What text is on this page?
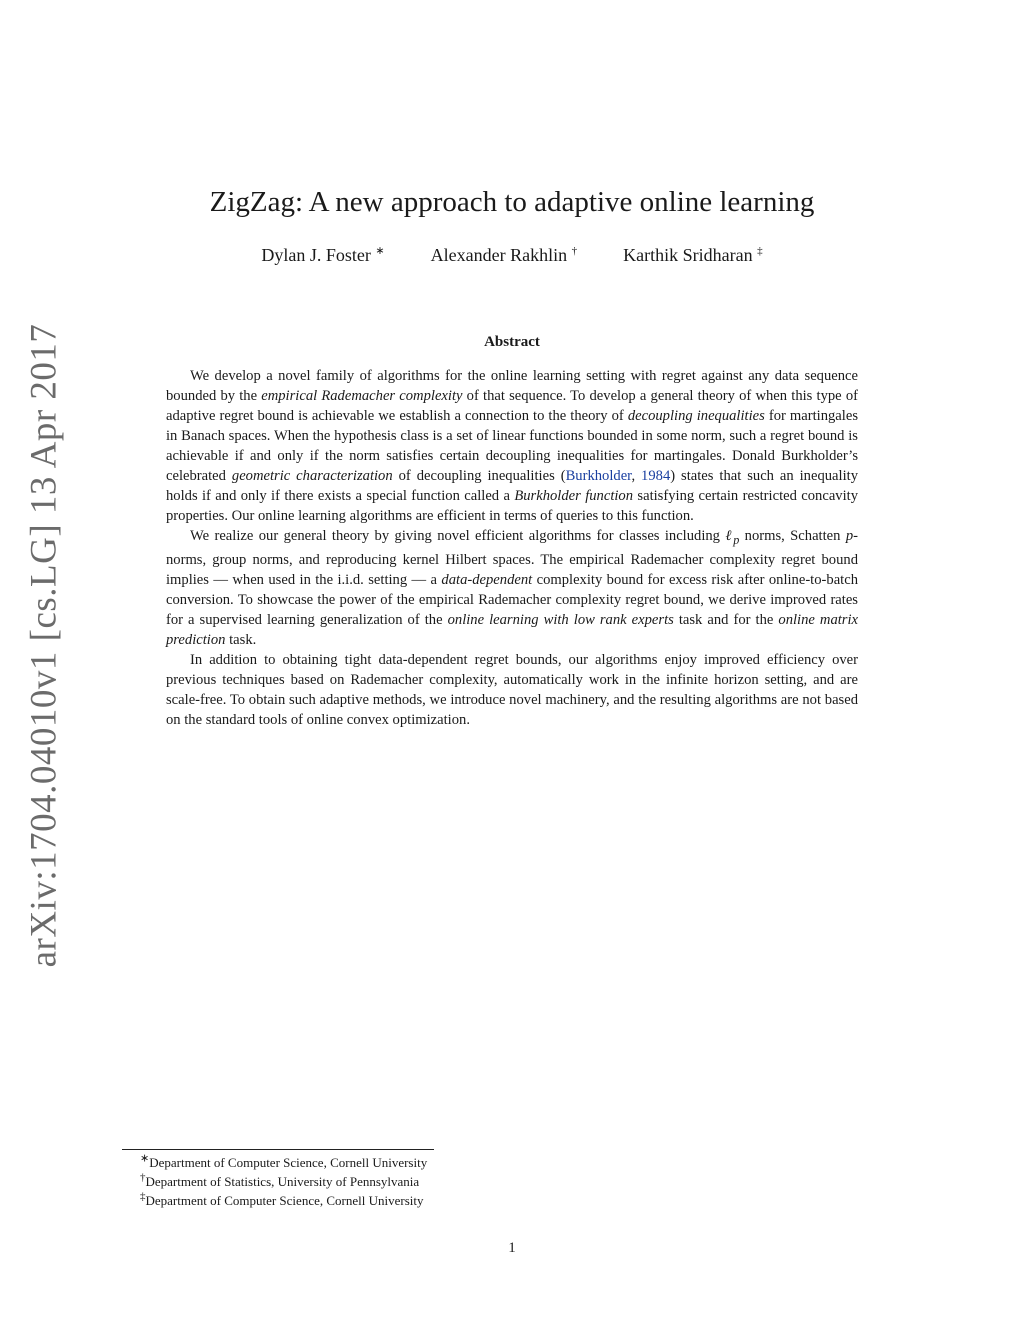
arXiv:1704.04010v1 [cs.LG] 13 Apr 2017
ZigZag: A new approach to adaptive online learning
Dylan J. Foster ∗	Alexander Rakhlin †	Karthik Sridharan ‡
Abstract

We develop a novel family of algorithms for the online learning setting with regret against any data sequence bounded by the empirical Rademacher complexity of that sequence. To develop a general theory of when this type of adaptive regret bound is achievable we establish a connection to the theory of decoupling inequalities for martingales in Banach spaces. When the hypothesis class is a set of linear functions bounded in some norm, such a regret bound is achievable if and only if the norm satisfies certain decoupling inequalities for martingales. Donald Burkholder’s celebrated geometric characterization of decoupling inequalities (Burkholder, 1984) states that such an inequality holds if and only if there exists a special function called a Burkholder function satisfying certain restricted concavity properties. Our online learning algorithms are efficient in terms of queries to this function.

We realize our general theory by giving novel efficient algorithms for classes including ℓ$_p$ norms, Schatten p-norms, group norms, and reproducing kernel Hilbert spaces. The empirical Rademacher complexity regret bound implies — when used in the i.i.d. setting — a data-dependent complexity bound for excess risk after online-to-batch conversion. To showcase the power of the empirical Rademacher complexity regret bound, we derive improved rates for a supervised learning generalization of the online learning with low rank experts task and for the online matrix prediction task.

In addition to obtaining tight data-dependent regret bounds, our algorithms enjoy improved efficiency over previous techniques based on Rademacher complexity, automatically work in the infinite horizon setting, and are scale-free. To obtain such adaptive methods, we introduce novel machinery, and the resulting algorithms are not based on the standard tools of online convex optimization.

∗Department of Computer Science, Cornell University
†Department of Statistics, University of Pennsylvania
‡Department of Computer Science, Cornell University
1
